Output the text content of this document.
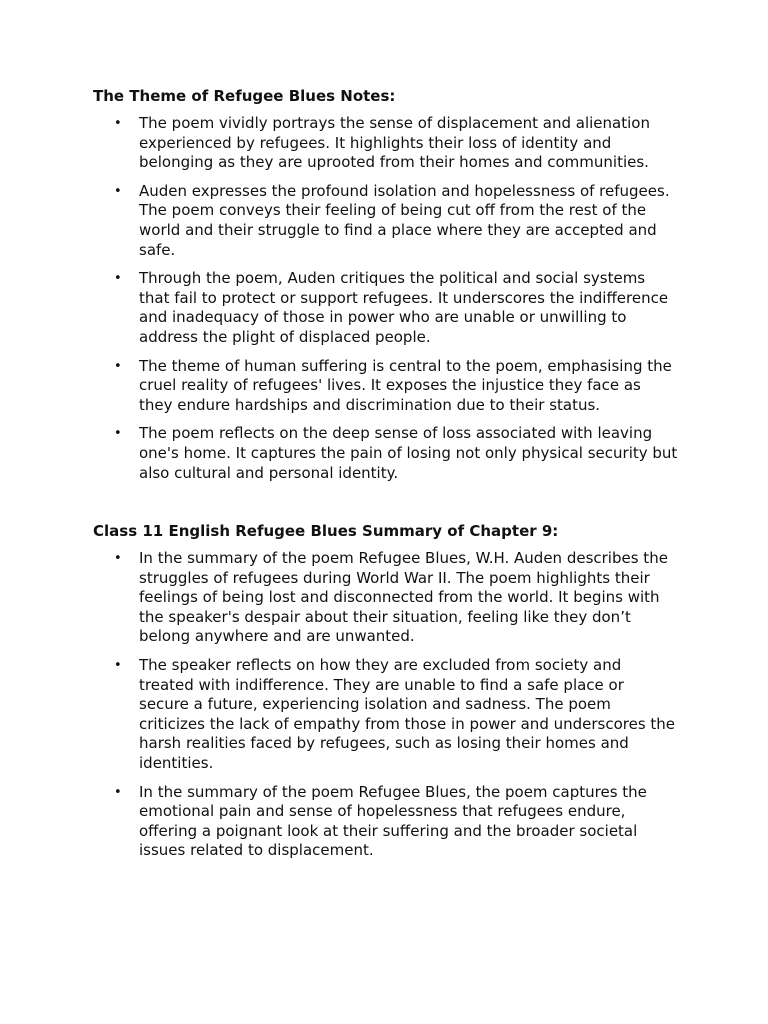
The Theme of Refugee Blues Notes:
• The poem vividly portrays the sense of displacement and alienation experienced by refugees. It highlights their loss of identity and belonging as they are uprooted from their homes and communities.
• Auden expresses the profound isolation and hopelessness of refugees. The poem conveys their feeling of being cut off from the rest of the world and their struggle to find a place where they are accepted and safe.
• Through the poem, Auden critiques the political and social systems that fail to protect or support refugees. It underscores the indifference and inadequacy of those in power who are unable or unwilling to address the plight of displaced people.
• The theme of human suffering is central to the poem, emphasising the cruel reality of refugees' lives. It exposes the injustice they face as they endure hardships and discrimination due to their status.
• The poem reflects on the deep sense of loss associated with leaving one's home. It captures the pain of losing not only physical security but also cultural and personal identity.
Class 11 English Refugee Blues Summary of Chapter 9:
• In the summary of the poem Refugee Blues, W.H. Auden describes the struggles of refugees during World War II. The poem highlights their feelings of being lost and disconnected from the world. It begins with the speaker's despair about their situation, feeling like they don’t belong anywhere and are unwanted.
• The speaker reflects on how they are excluded from society and treated with indifference. They are unable to find a safe place or secure a future, experiencing isolation and sadness. The poem criticizes the lack of empathy from those in power and underscores the harsh realities faced by refugees, such as losing their homes and identities.
• In the summary of the poem Refugee Blues, the poem captures the emotional pain and sense of hopelessness that refugees endure, offering a poignant look at their suffering and the broader societal issues related to displacement.
